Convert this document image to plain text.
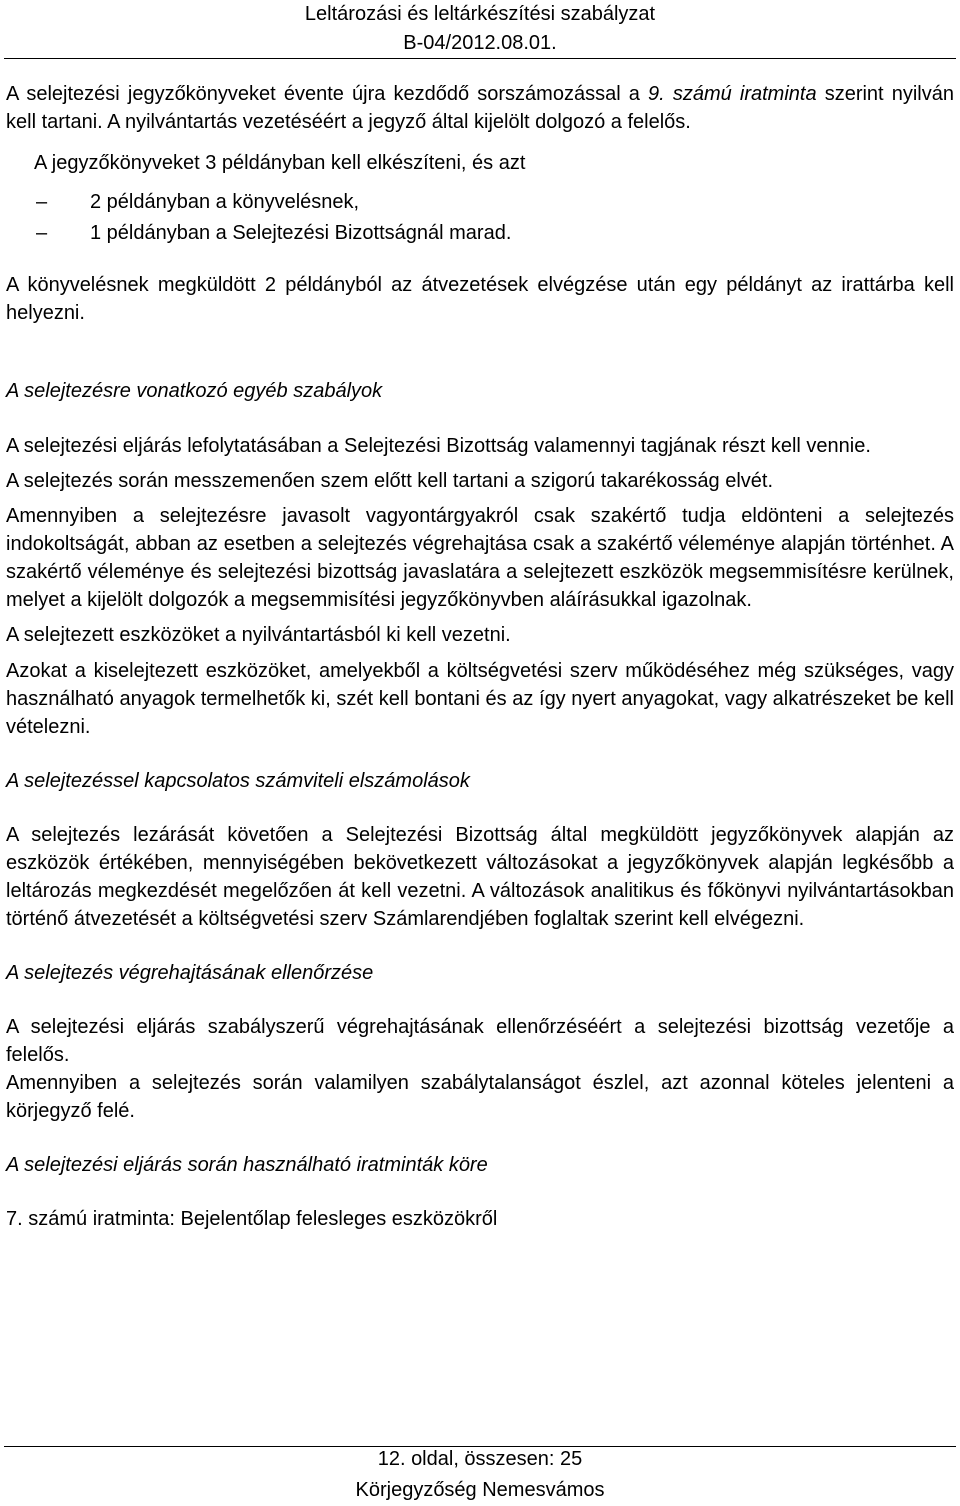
Leltározási és leltárkészítési szabályzat
B-04/2012.08.01.

A selejtezési jegyzőkönyveket évente újra kezdődő sorszámozással a 9. számú iratminta szerint nyilván kell tartani. A nyilvántartás vezetéséért a jegyző által kijelölt dolgozó a felelős.

A jegyzőkönyveket 3 példányban kell elkészíteni, és azt

– 2 példányban a könyvelésnek,
– 1 példányban a Selejtezési Bizottságnál marad.

A könyvelésnek megküldött 2 példányból az átvezetések elvégzése után egy példányt az irattárba kell helyezni.

A selejtezésre vonatkozó egyéb szabályok

A selejtezési eljárás lefolytatásában a Selejtezési Bizottság valamennyi tagjának részt kell vennie.

A selejtezés során messzemenően szem előtt kell tartani a szigorú takarékosság elvét.

Amennyiben a selejtezésre javasolt vagyontárgyakról csak szakértő tudja eldönteni a selejtezés indokoltságát, abban az esetben a selejtezés végrehajtása csak a szakértő véleménye alapján történhet. A szakértő véleménye és selejtezési bizottság javaslatára a selejtezett eszközök megsemmisítésre kerülnek, melyet a kijelölt dolgozók a megsemmisítési jegyzőkönyvben aláírásukkal igazolnak.

A selejtezett eszközöket a nyilvántartásból ki kell vezetni.

Azokat a kiselejtezett eszközöket, amelyekből a költségvetési szerv működéséhez még szükséges, vagy használható anyagok termelhetők ki, szét kell bontani és az így nyert anyagokat, vagy alkatrészeket be kell vételezni.

A selejtezéssel kapcsolatos számviteli elszámolások

A selejtezés lezárását követően a Selejtezési Bizottság által megküldött jegyzőkönyvek alapján az eszközök értékében, mennyiségében bekövetkezett változásokat a jegyzőkönyvek alapján legkésőbb a leltározás megkezdését megelőzően át kell vezetni. A változások analitikus és főkönyvi nyilvántartásokban történő átvezetését a költségvetési szerv Számlarendjében foglaltak szerint kell elvégezni.

A selejtezés végrehajtásának ellenőrzése

A selejtezési eljárás szabályszerű végrehajtásának ellenőrzéséért a selejtezési bizottság vezetője a felelős.

Amennyiben a selejtezés során valamilyen szabálytalanságot észlel, azt azonnal köteles jelenteni a körjegyző felé.

A selejtezési eljárás során használható iratminták köre

7. számú iratminta: Bejelentőlap felesleges eszközökről

12. oldal, összesen: 25
Körjegyzőség Nemesvámos
